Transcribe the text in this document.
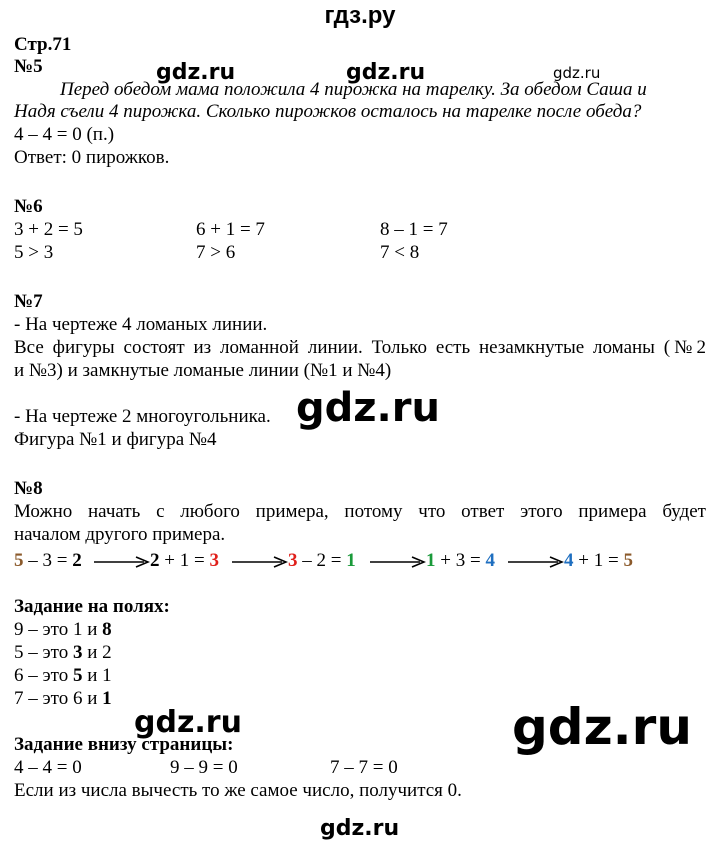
гдз.ру
Стр.71
№5
Перед обедом мама положила 4 пирожка на тарелку. За обедом Саша и
Надя съели 4 пирожка. Сколько пирожков осталось на тарелке после обеда?
4 – 4 = 0 (п.)
Ответ: 0 пирожков.
№6
3 + 2 = 5	6 + 1 = 7	8 – 1 = 7
5 > 3	7 > 6	7 < 8
№7
- На чертеже 4 ломаных линии.
Все фигуры состоят из ломанной линии. Только есть незамкнутые ломаны (№2
и №3) и замкнутые ломаные линии (№1 и №4)
- На чертеже 2 многоугольника.
Фигура №1 и фигура №4
№8
Можно начать с любого примера, потому что ответ этого примера будет
началом другого примера.
5 – 3 = 2	2 + 1 = 3	3 – 2 = 1	1 + 3 = 4	4 + 1 = 5
Задание на полях:
9 – это 1 и 8
5 – это 3 и 2
6 – это 5 и 1
7 – это 6 и 1
Задание внизу страницы:
4 – 4 = 0	9 – 9 = 0	7 – 7 = 0
Если из числа вычесть то же самое число, получится 0.
gdz.ru	gdz.ru	gdz.ru
gdz.ru
gdz.ru	gdz.ru
gdz.ru
